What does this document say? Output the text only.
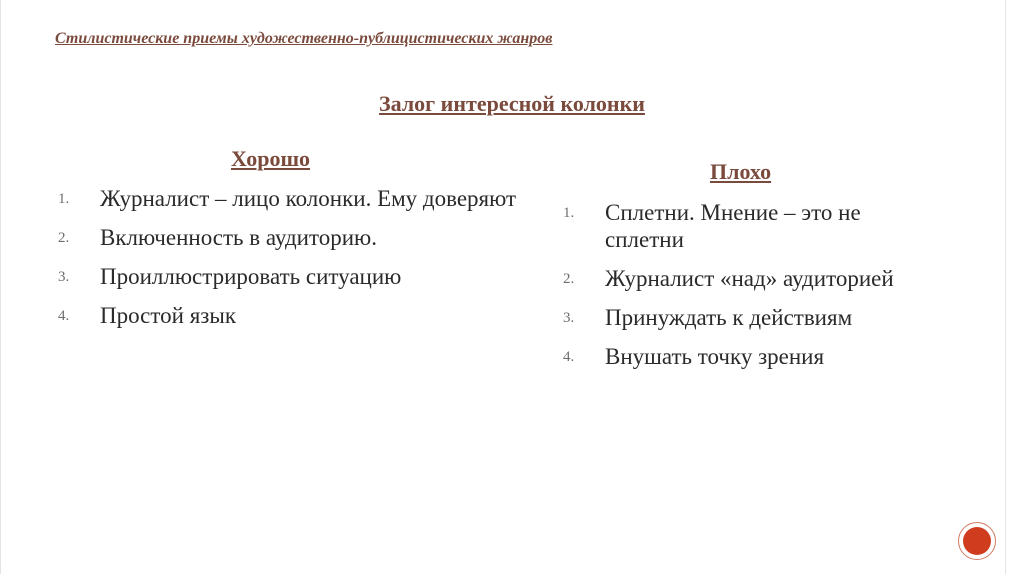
Стилистические приемы художественно-публицистических жанров
Залог интересной колонки
Хорошо
1.	Журналист – лицо колонки. Ему доверяют
2.	Включенность в аудиторию.
3.	Проиллюстрировать ситуацию
4.	Простой язык
Плохо
1.	Сплетни. Мнение – это не сплетни
2.	Журналист «над» аудиторией
3.	Принуждать к действиям
4.	Внушать точку зрения
